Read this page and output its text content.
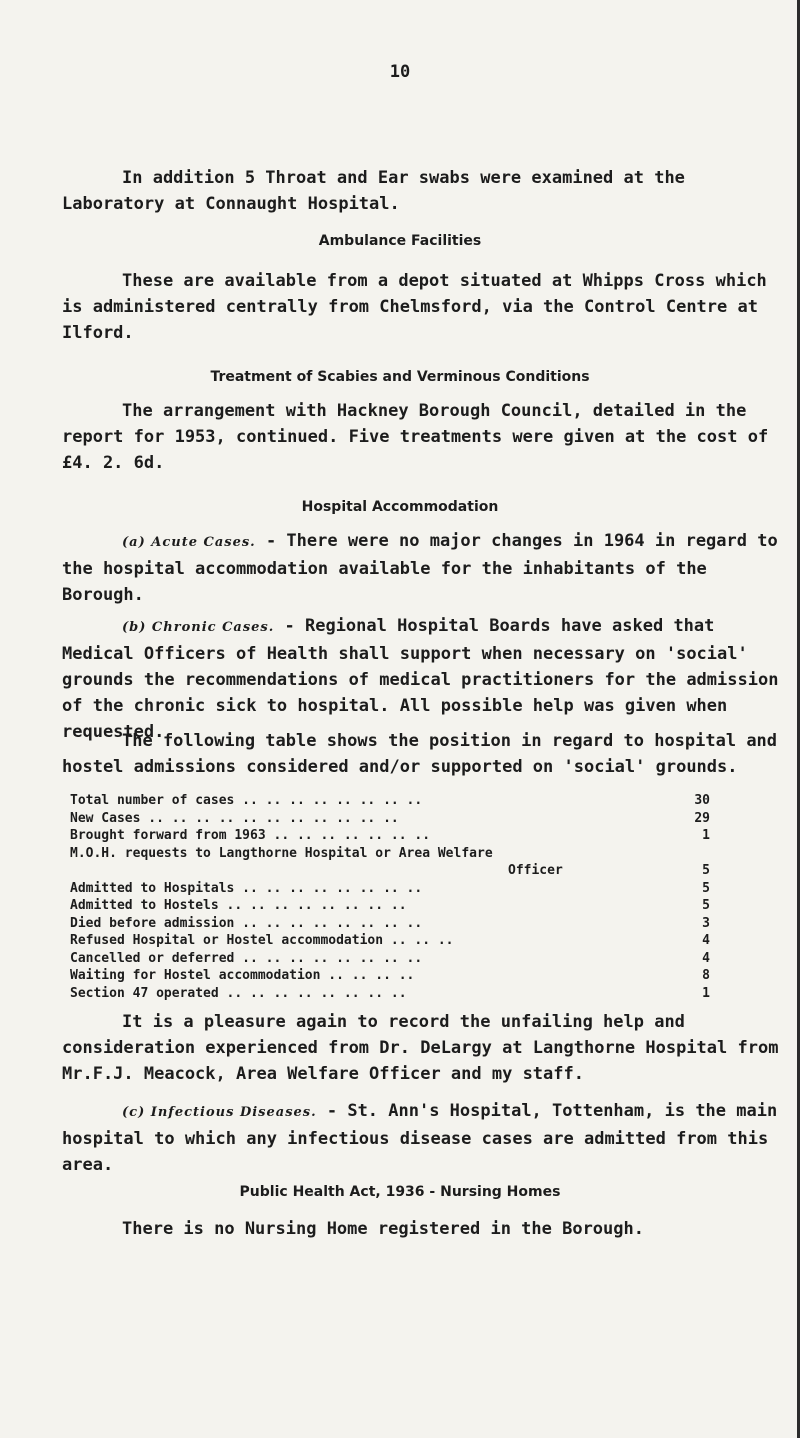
10

In addition 5 Throat and Ear swabs were examined at the Laboratory at Connaught Hospital.

Ambulance Facilities

These are available from a depot situated at Whipps Cross which is administered centrally from Chelmsford, via the Control Centre at Ilford.

Treatment of Scabies and Verminous Conditions

The arrangement with Hackney Borough Council, detailed in the report for 1953, continued. Five treatments were given at the cost of £4. 2. 6d.

Hospital Accommodation

(a) Acute Cases. - There were no major changes in 1964 in regard to the hospital accommodation available for the inhabitants of the Borough.

(b) Chronic Cases. - Regional Hospital Boards have asked that Medical Officers of Health shall support when necessary on 'social' grounds the recommendations of medical practitioners for the admission of the chronic sick to hospital. All possible help was given when requested.

The following table shows the position in regard to hospital and hostel admissions considered and/or supported on 'social' grounds.

Total number of cases .. .. .. .. .. .. .. ..	30
New Cases .. .. .. .. .. .. .. .. .. .. ..	29
Brought forward from 1963 .. .. .. .. .. .. ..	1
M.O.H. requests to Langthorne Hospital or Area Welfare
Officer	5
Admitted to Hospitals .. .. .. .. .. .. .. ..	5
Admitted to Hostels .. .. .. .. .. .. .. ..	5
Died before admission .. .. .. .. .. .. .. ..	3
Refused Hospital or Hostel accommodation .. .. ..	4
Cancelled or deferred .. .. .. .. .. .. .. ..	4
Waiting for Hostel accommodation .. .. .. ..	8
Section 47 operated .. .. .. .. .. .. .. ..	1

It is a pleasure again to record the unfailing help and consideration experienced from Dr. DeLargy at Langthorne Hospital from Mr.F.J. Meacock, Area Welfare Officer and my staff.

(c) Infectious Diseases. - St. Ann's Hospital, Tottenham, is the main hospital to which any infectious disease cases are admitted from this area.

Public Health Act, 1936 - Nursing Homes

There is no Nursing Home registered in the Borough.
